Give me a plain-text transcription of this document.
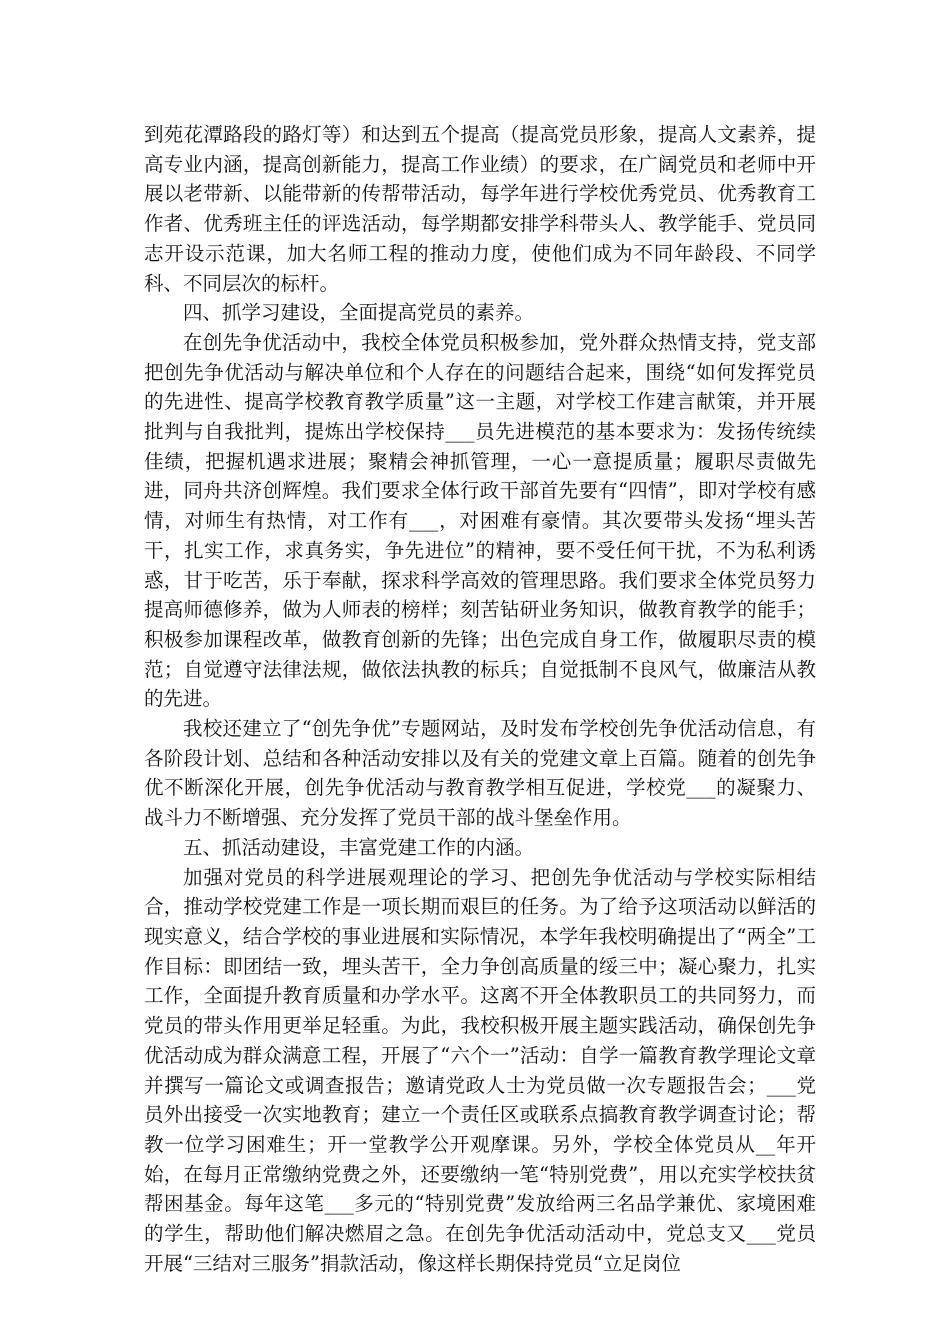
到苑花潭路段的路灯等）和达到五个提高（提高党员形象，提高人文素养，提高专业内涵，提高创新能力，提高工作业绩）的要求，在广阔党员和老师中开展以老带新、以能带新的传帮带活动，每学年进行学校优秀党员、优秀教育工作者、优秀班主任的评选活动，每学期都安排学科带头人、教学能手、党员同志开设示范课，加大名师工程的推动力度，使他们成为不同年龄段、不同学科、不同层次的标杆。

四、抓学习建设，全面提高党员的素养。

在创先争优活动中，我校全体党员积极参加，党外群众热情支持，党支部把创先争优活动与解决单位和个人存在的问题结合起来，围绕“如何发挥党员的先进性、提高学校教育教学质量”这一主题，对学校工作建言献策，并开展批判与自我批判，提炼出学校保持___员先进模范的基本要求为：发扬传统续佳绩，把握机遇求进展；聚精会神抓管理，一心一意提质量；履职尽责做先进，同舟共济创辉煌。我们要求全体行政干部首先要有“四情”，即对学校有感情，对师生有热情，对工作有___，对困难有豪情。其次要带头发扬“埋头苦干，扎实工作，求真务实，争先进位”的精神，要不受任何干扰，不为私利诱惑，甘于吃苦，乐于奉献，探求科学高效的管理思路。我们要求全体党员努力提高师德修养，做为人师表的榜样；刻苦钻研业务知识，做教育教学的能手；积极参加课程改革，做教育创新的先锋；出色完成自身工作，做履职尽责的模范；自觉遵守法律法规，做依法执教的标兵；自觉抵制不良风气，做廉洁从教的先进。

我校还建立了“创先争优”专题网站，及时发布学校创先争优活动信息，有各阶段计划、总结和各种活动安排以及有关的党建文章上百篇。随着的创先争优不断深化开展，创先争优活动与教育教学相互促进，学校党___的凝聚力、战斗力不断增强、充分发挥了党员干部的战斗堡垒作用。

五、抓活动建设，丰富党建工作的内涵。

加强对党员的科学进展观理论的学习、把创先争优活动与学校实际相结合，推动学校党建工作是一项长期而艰巨的任务。为了给予这项活动以鲜活的现实意义，结合学校的事业进展和实际情况，本学年我校明确提出了“两全”工作目标：即团结一致，埋头苦干，全力争创高质量的绥三中；凝心聚力，扎实工作，全面提升教育质量和办学水平。这离不开全体教职员工的共同努力，而党员的带头作用更举足轻重。为此，我校积极开展主题实践活动，确保创先争优活动成为群众满意工程，开展了“六个一”活动：自学一篇教育教学理论文章并撰写一篇论文或调查报告；邀请党政人士为党员做一次专题报告会；___党员外出接受一次实地教育；建立一个责任区或联系点搞教育教学调查讨论；帮教一位学习困难生；开一堂教学公开观摩课。另外，学校全体党员从__年开始，在每月正常缴纳党费之外，还要缴纳一笔“特别党费”，用以充实学校扶贫帮困基金。每年这笔___多元的“特别党费”发放给两三名品学兼优、家境困难的学生，帮助他们解决燃眉之急。在创先争优活动活动中，党总支又___党员开展“三结对三服务”捐款活动，像这样长期保持党员“立足岗位
